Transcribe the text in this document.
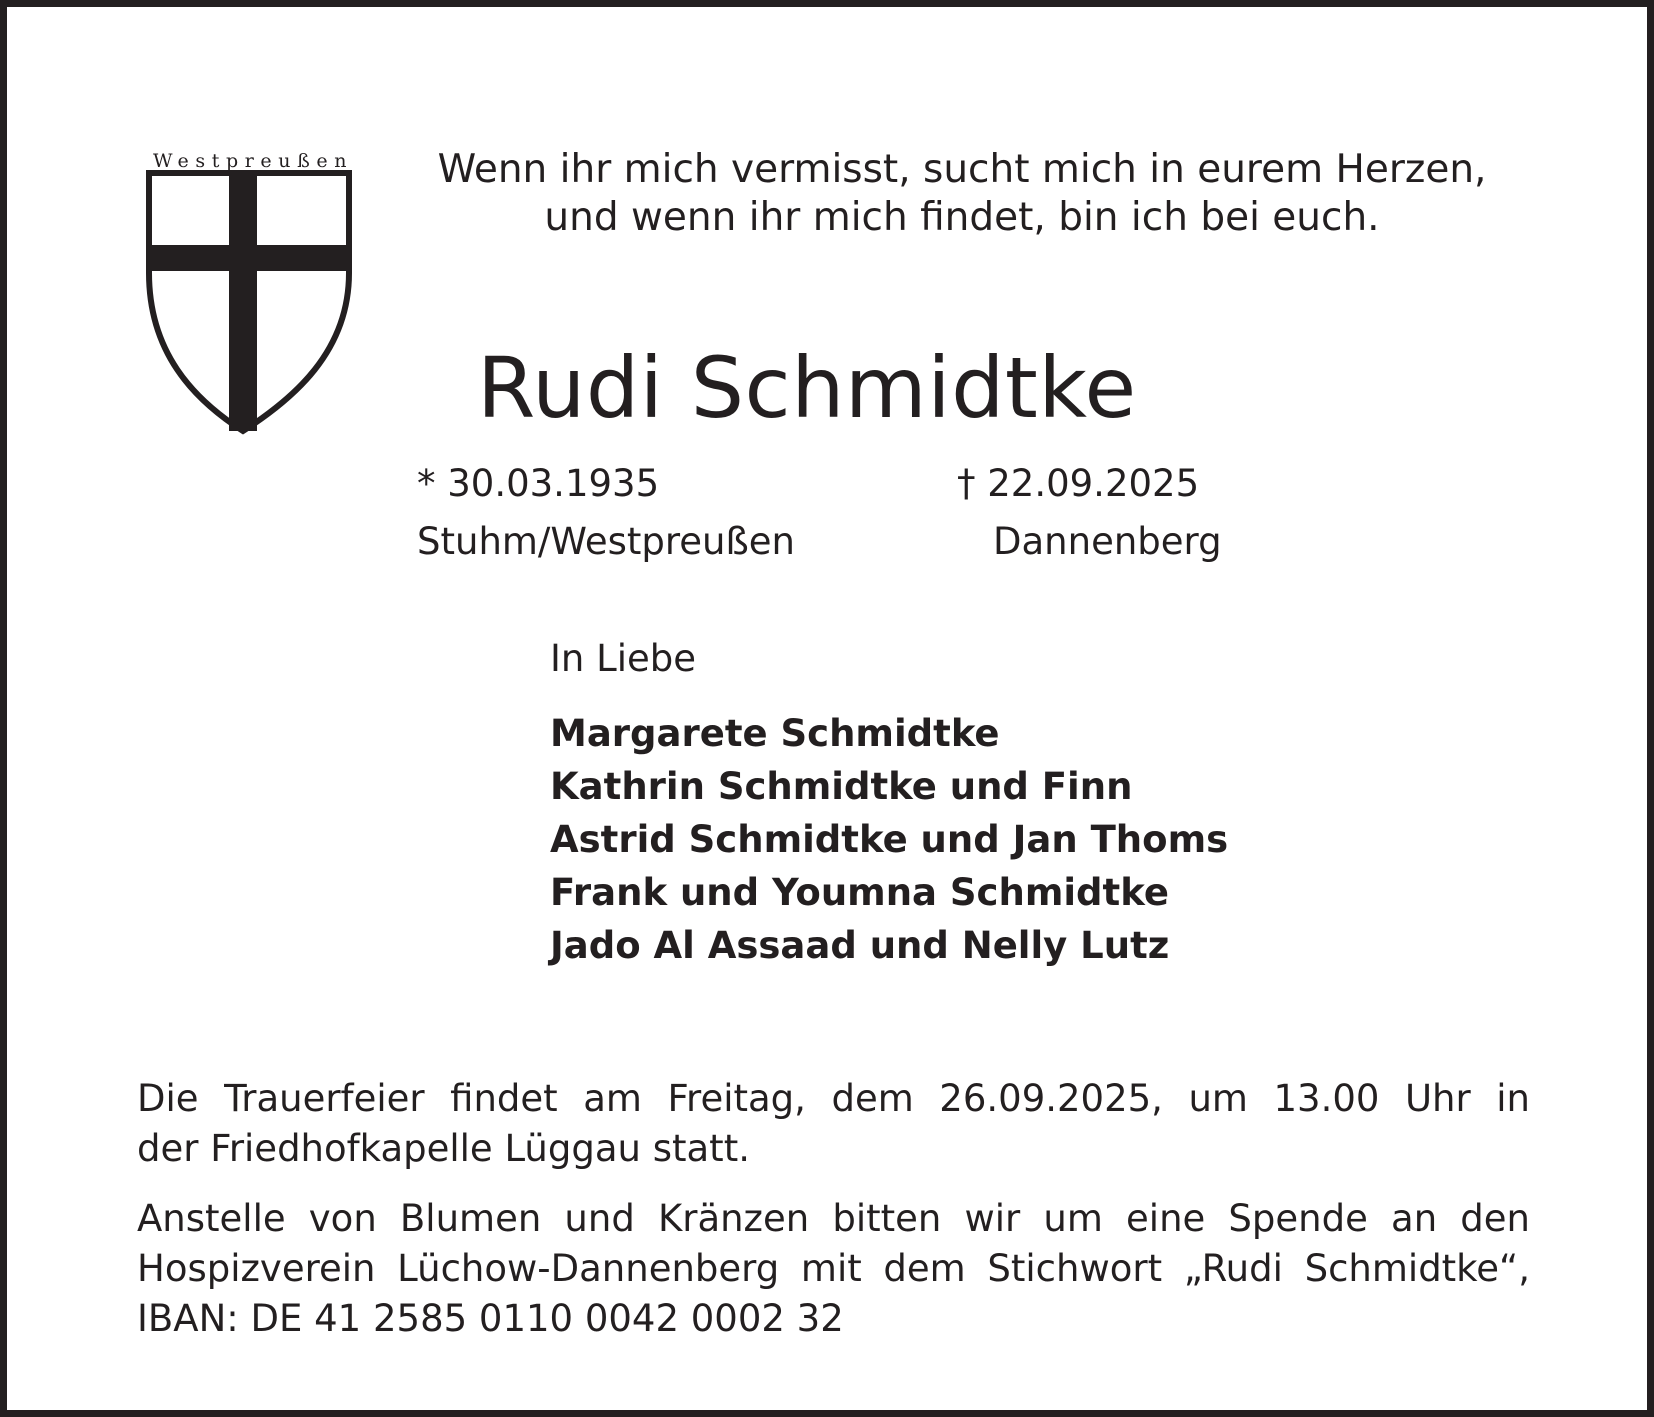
Westpreußen	Wenn ihr mich vermisst, sucht mich in eurem Herzen,
und wenn ihr mich findet, bin ich bei euch.
Rudi Schmidtke
* 30.03.1935
Stuhm/Westpreußen
† 22.09.2025
Dannenberg
In Liebe
Margarete Schmidtke
Kathrin Schmidtke und Finn
Astrid Schmidtke und Jan Thoms
Frank und Youmna Schmidtke
Jado Al Assaad und Nelly Lutz
Die Trauerfeier findet am Freitag, dem 26.09.2025, um 13.00 Uhr in
der Friedhofkapelle Lüggau statt.
Anstelle von Blumen und Kränzen bitten wir um eine Spende an den
Hospizverein Lüchow-Dannenberg mit dem Stichwort „Rudi Schmidtke“,
IBAN: DE 41 2585 0110 0042 0002 32
